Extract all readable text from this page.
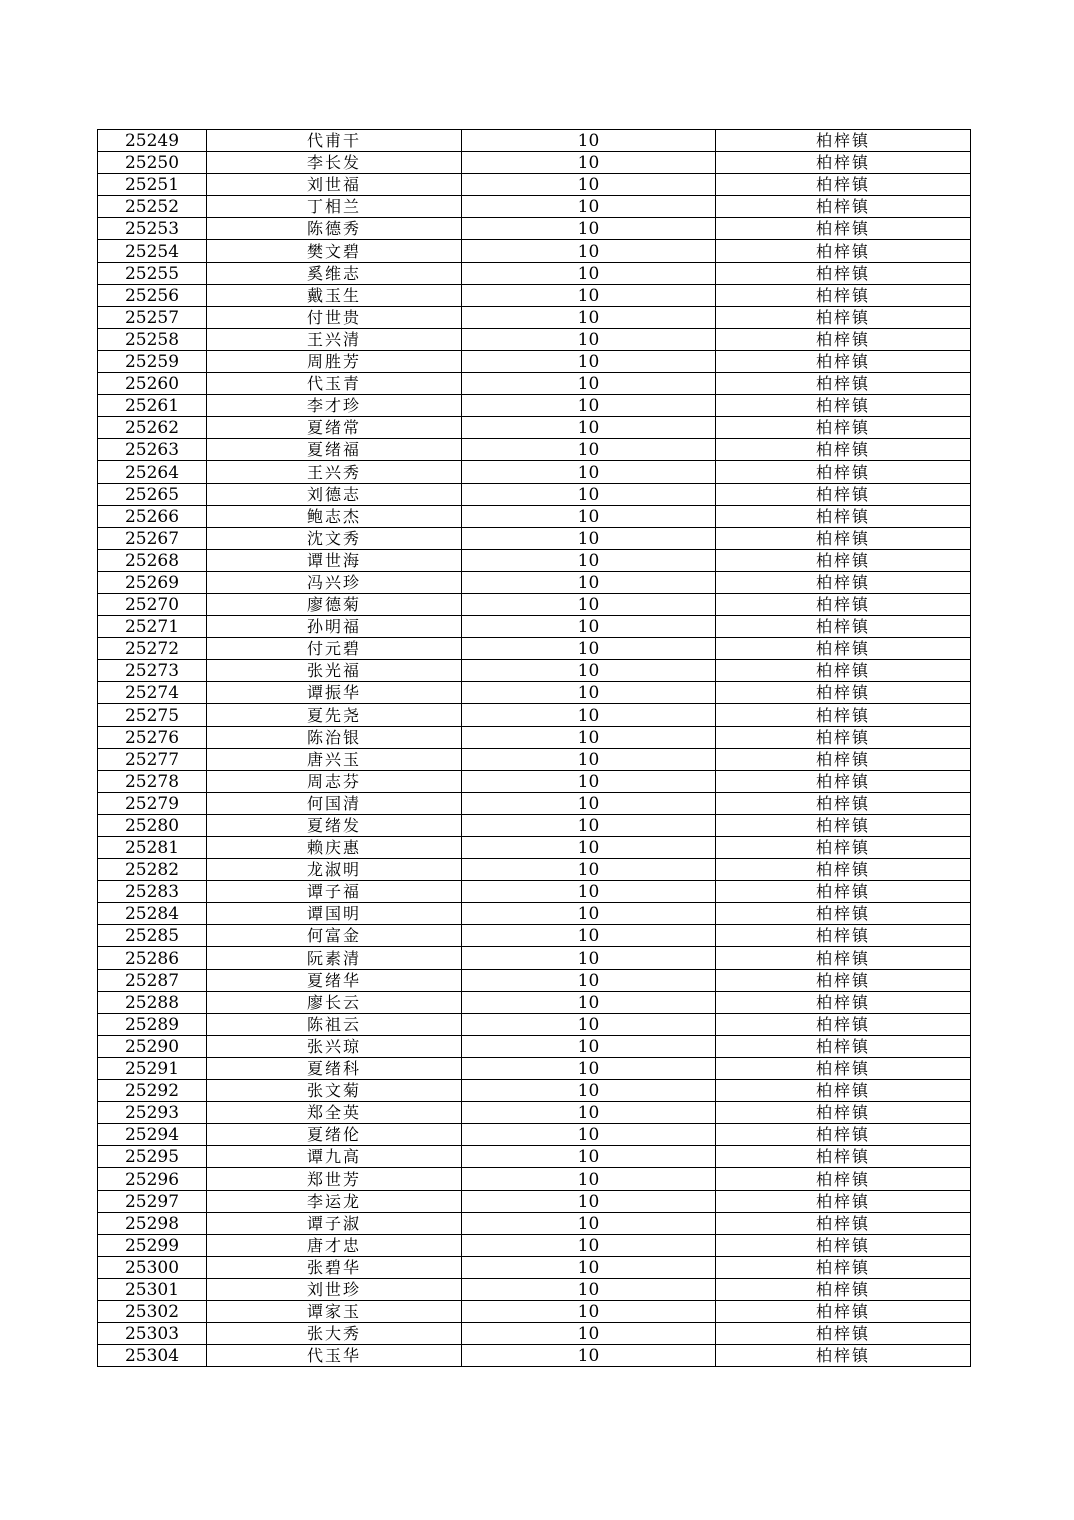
25249	代甫干	10	柏梓镇
25250	李长发	10	柏梓镇
25251	刘世福	10	柏梓镇
25252	丁相兰	10	柏梓镇
25253	陈德秀	10	柏梓镇
25254	樊文碧	10	柏梓镇
25255	奚维志	10	柏梓镇
25256	戴玉生	10	柏梓镇
25257	付世贵	10	柏梓镇
25258	王兴清	10	柏梓镇
25259	周胜芳	10	柏梓镇
25260	代玉青	10	柏梓镇
25261	李才珍	10	柏梓镇
25262	夏绪常	10	柏梓镇
25263	夏绪福	10	柏梓镇
25264	王兴秀	10	柏梓镇
25265	刘德志	10	柏梓镇
25266	鲍志杰	10	柏梓镇
25267	沈文秀	10	柏梓镇
25268	谭世海	10	柏梓镇
25269	冯兴珍	10	柏梓镇
25270	廖德菊	10	柏梓镇
25271	孙明福	10	柏梓镇
25272	付元碧	10	柏梓镇
25273	张光福	10	柏梓镇
25274	谭振华	10	柏梓镇
25275	夏先尧	10	柏梓镇
25276	陈治银	10	柏梓镇
25277	唐兴玉	10	柏梓镇
25278	周志芬	10	柏梓镇
25279	何国清	10	柏梓镇
25280	夏绪发	10	柏梓镇
25281	赖庆惠	10	柏梓镇
25282	龙淑明	10	柏梓镇
25283	谭子福	10	柏梓镇
25284	谭国明	10	柏梓镇
25285	何富金	10	柏梓镇
25286	阮素清	10	柏梓镇
25287	夏绪华	10	柏梓镇
25288	廖长云	10	柏梓镇
25289	陈祖云	10	柏梓镇
25290	张兴琼	10	柏梓镇
25291	夏绪科	10	柏梓镇
25292	张文菊	10	柏梓镇
25293	郑全英	10	柏梓镇
25294	夏绪伦	10	柏梓镇
25295	谭九高	10	柏梓镇
25296	郑世芳	10	柏梓镇
25297	李运龙	10	柏梓镇
25298	谭子淑	10	柏梓镇
25299	唐才忠	10	柏梓镇
25300	张碧华	10	柏梓镇
25301	刘世珍	10	柏梓镇
25302	谭家玉	10	柏梓镇
25303	张大秀	10	柏梓镇
25304	代玉华	10	柏梓镇
